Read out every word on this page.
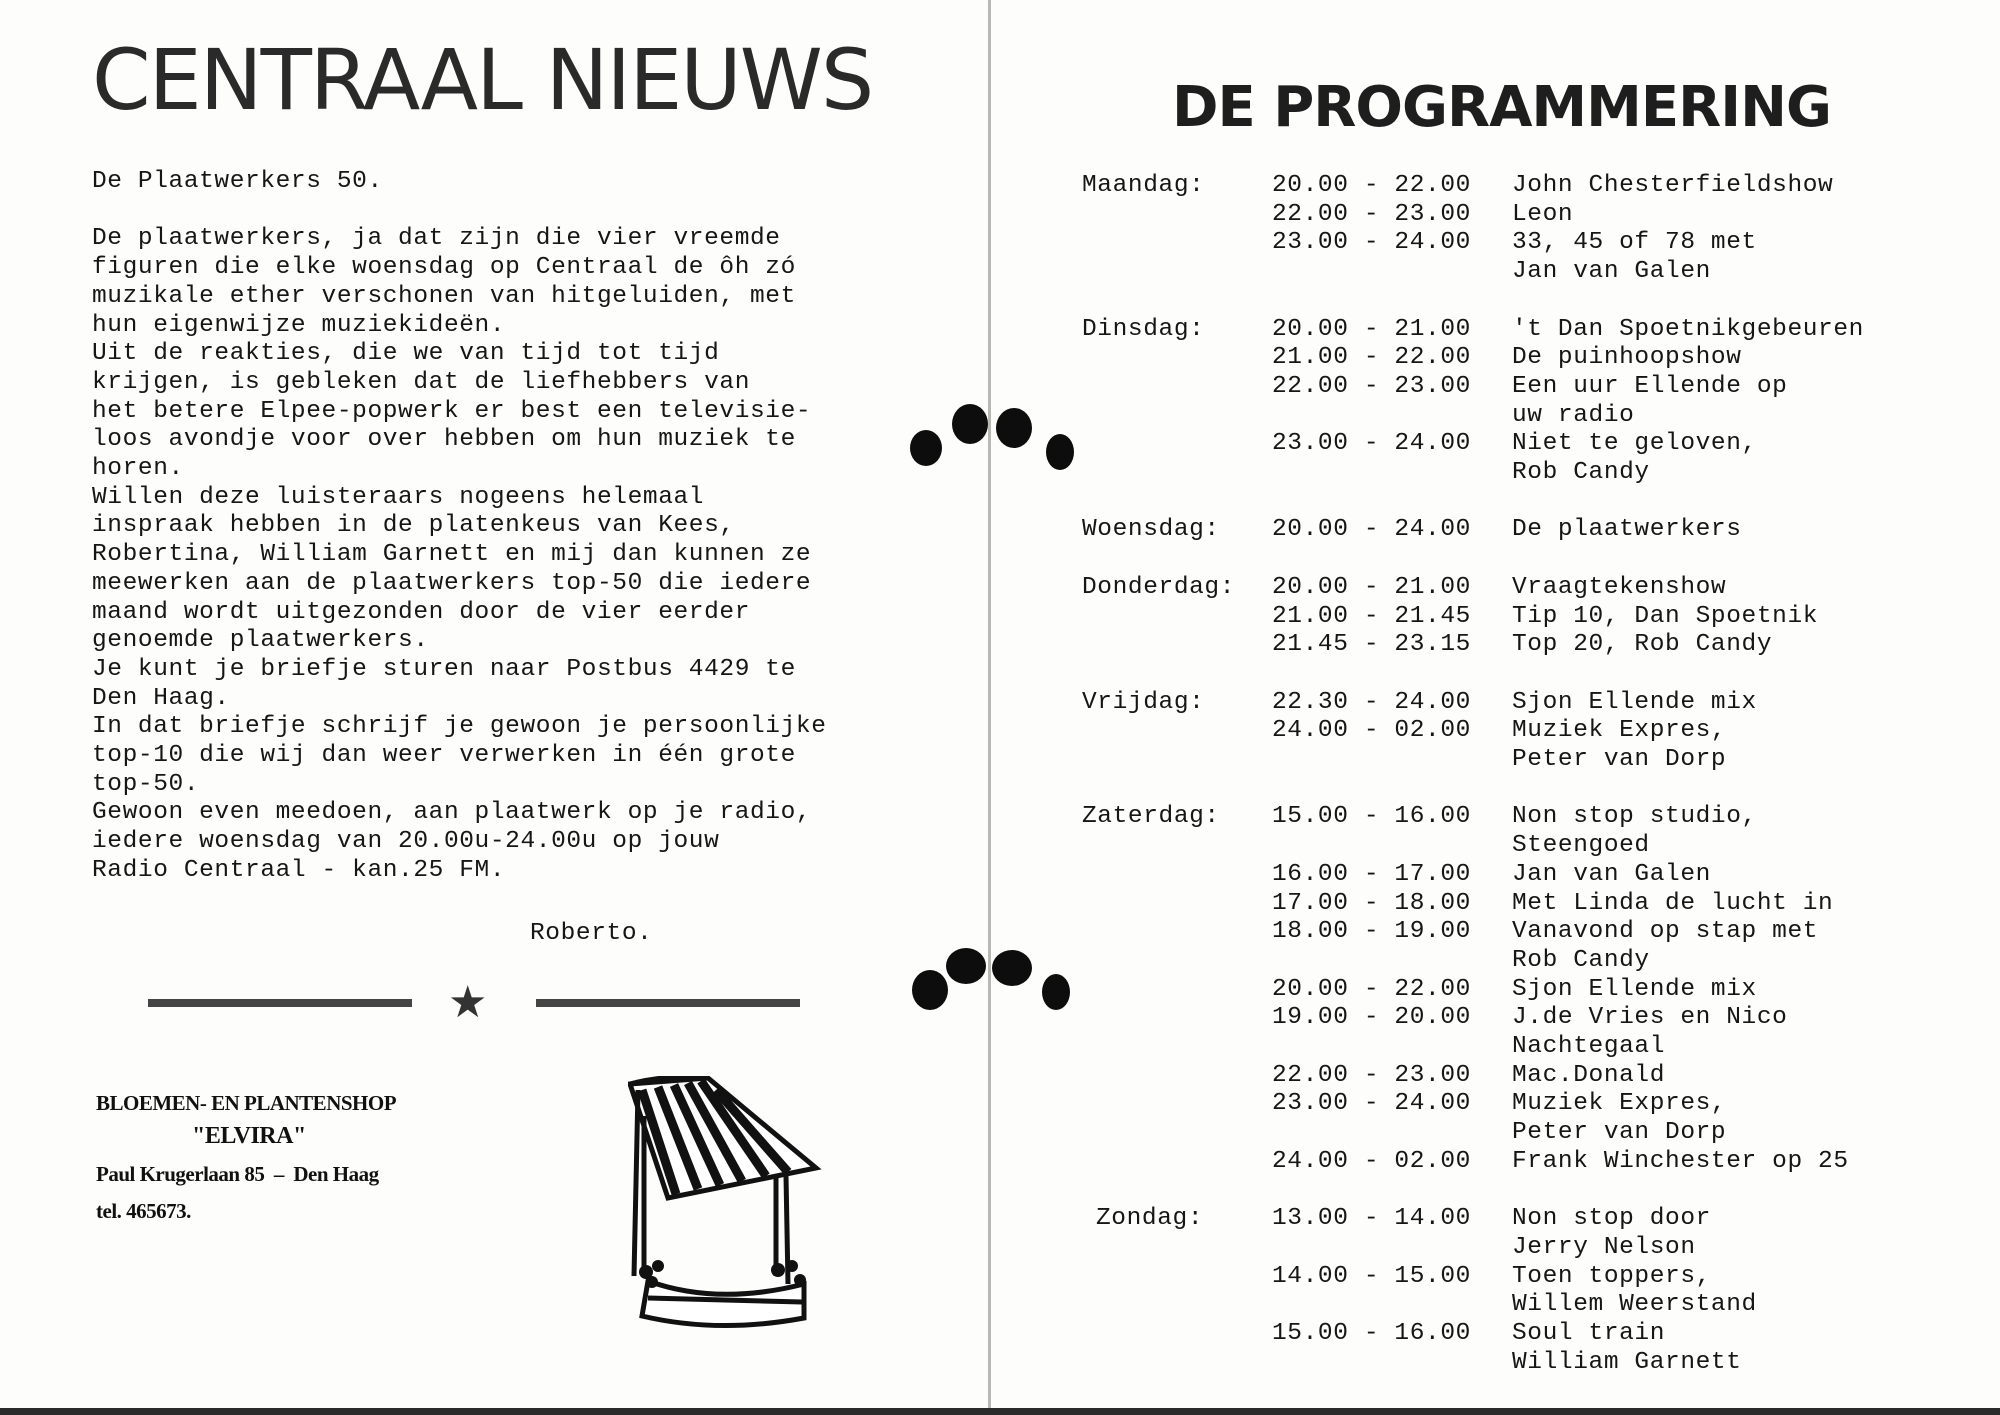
CENTRAAL NIEUWS
De Plaatwerkers 50.
De plaatwerkers, ja dat zijn die vier vreemde
figuren die elke woensdag op Centraal de ôh zó
muzikale ether verschonen van hitgeluiden, met
hun eigenwijze muziekideën.
Uit de reakties, die we van tijd tot tijd
krijgen, is gebleken dat de liefhebbers van
het betere Elpee-popwerk er best een televisie-
loos avondje voor over hebben om hun muziek te
horen.
Willen deze luisteraars nogeens helemaal
inspraak hebben in de platenkeus van Kees,
Robertina, William Garnett en mij dan kunnen ze
meewerken aan de plaatwerkers top-50 die iedere
maand wordt uitgezonden door de vier eerder
genoemde plaatwerkers.
Je kunt je briefje sturen naar Postbus 4429 te
Den Haag.
In dat briefje schrijf je gewoon je persoonlijke
top-10 die wij dan weer verwerken in één grote
top-50.
Gewoon even meedoen, aan plaatwerk op je radio,
iedere woensdag van 20.00u-24.00u op jouw
Radio Centraal - kan.25 FM.
Roberto.
★
BLOEMEN- EN PLANTENSHOP
"ELVIRA"
Paul Krugerlaan 85  –  Den Haag
tel. 465673.
DE PROGRAMMERING
Maandag:	20.00 - 22.00	John Chesterfieldshow
22.00 - 23.00	Leon
23.00 - 24.00	33, 45 of 78 met
Jan van Galen
Dinsdag:	20.00 - 21.00	't Dan Spoetnikgebeuren
21.00 - 22.00	De puinhoopshow
22.00 - 23.00	Een uur Ellende op
uw radio
23.00 - 24.00	Niet te geloven,
Rob Candy
Woensdag:	20.00 - 24.00	De plaatwerkers
Donderdag:	20.00 - 21.00	Vraagtekenshow
21.00 - 21.45	Tip 10, Dan Spoetnik
21.45 - 23.15	Top 20, Rob Candy
Vrijdag:	22.30 - 24.00	Sjon Ellende mix
24.00 - 02.00	Muziek Expres,
Peter van Dorp
Zaterdag:	15.00 - 16.00	Non stop studio,
Steengoed
16.00 - 17.00	Jan van Galen
17.00 - 18.00	Met Linda de lucht in
18.00 - 19.00	Vanavond op stap met
Rob Candy
20.00 - 22.00	Sjon Ellende mix
19.00 - 20.00	J.de Vries en Nico
Nachtegaal
22.00 - 23.00	Mac.Donald
23.00 - 24.00	Muziek Expres,
Peter van Dorp
24.00 - 02.00	Frank Winchester op 25
Zondag:	13.00 - 14.00	Non stop door
Jerry Nelson
14.00 - 15.00	Toen toppers,
Willem Weerstand
15.00 - 16.00	Soul train
William Garnett
